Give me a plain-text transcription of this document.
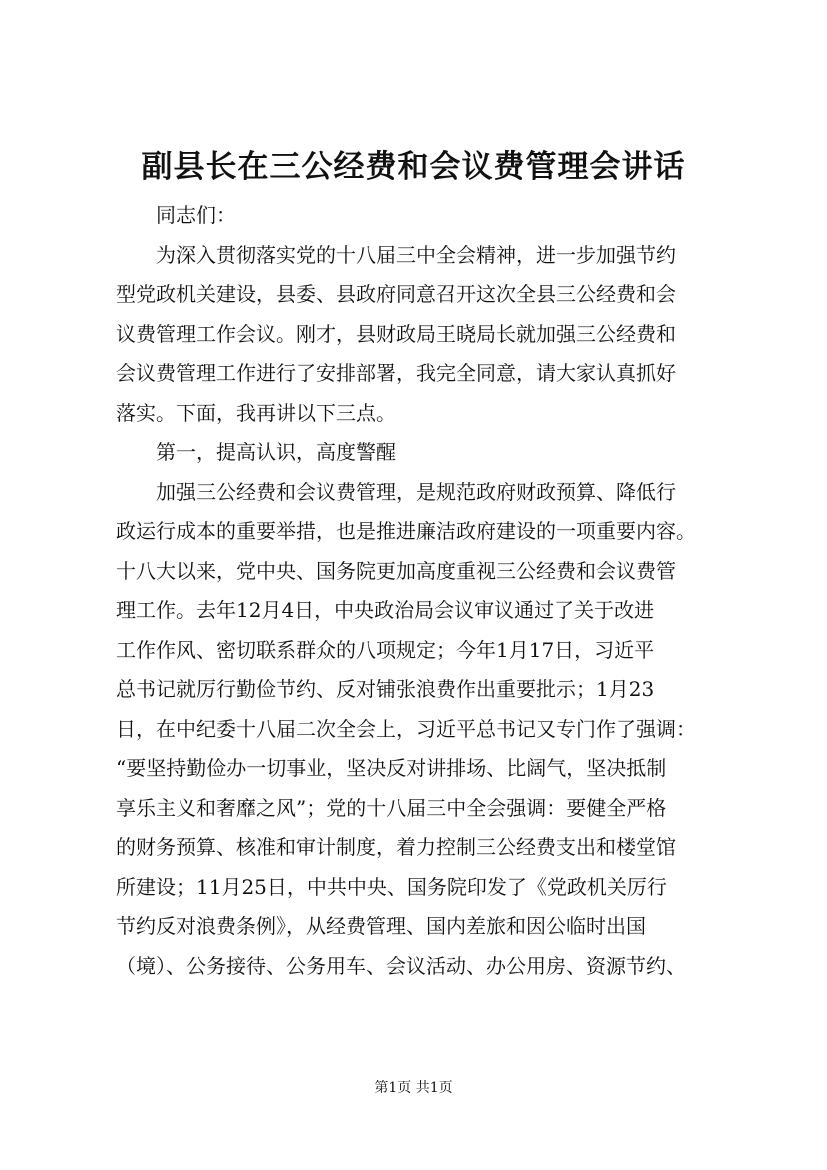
副县长在三公经费和会议费管理会讲话

同志们：

为深入贯彻落实党的十八届三中全会精神，进一步加强节约
型党政机关建设，县委、县政府同意召开这次全县三公经费和会
议费管理工作会议。刚才，县财政局王晓局长就加强三公经费和
会议费管理工作进行了安排部署，我完全同意，请大家认真抓好
落实。下面，我再讲以下三点。

第一，提高认识，高度警醒

加强三公经费和会议费管理，是规范政府财政预算、降低行
政运行成本的重要举措，也是推进廉洁政府建设的一项重要内容。
十八大以来，党中央、国务院更加高度重视三公经费和会议费管
理工作。去年12月4日，中央政治局会议审议通过了关于改进
工作作风、密切联系群众的八项规定；今年1月17日，习近平
总书记就厉行勤俭节约、反对铺张浪费作出重要批示；1月23
日，在中纪委十八届二次全会上，习近平总书记又专门作了强调：
“要坚持勤俭办一切事业，坚决反对讲排场、比阔气，坚决抵制
享乐主义和奢靡之风”；党的十八届三中全会强调：要健全严格
的财务预算、核准和审计制度，着力控制三公经费支出和楼堂馆
所建设；11月25日，中共中央、国务院印发了《党政机关厉行
节约反对浪费条例》，从经费管理、国内差旅和因公临时出国
（境）、公务接待、公务用车、会议活动、办公用房、资源节约、

第1页 共1页
